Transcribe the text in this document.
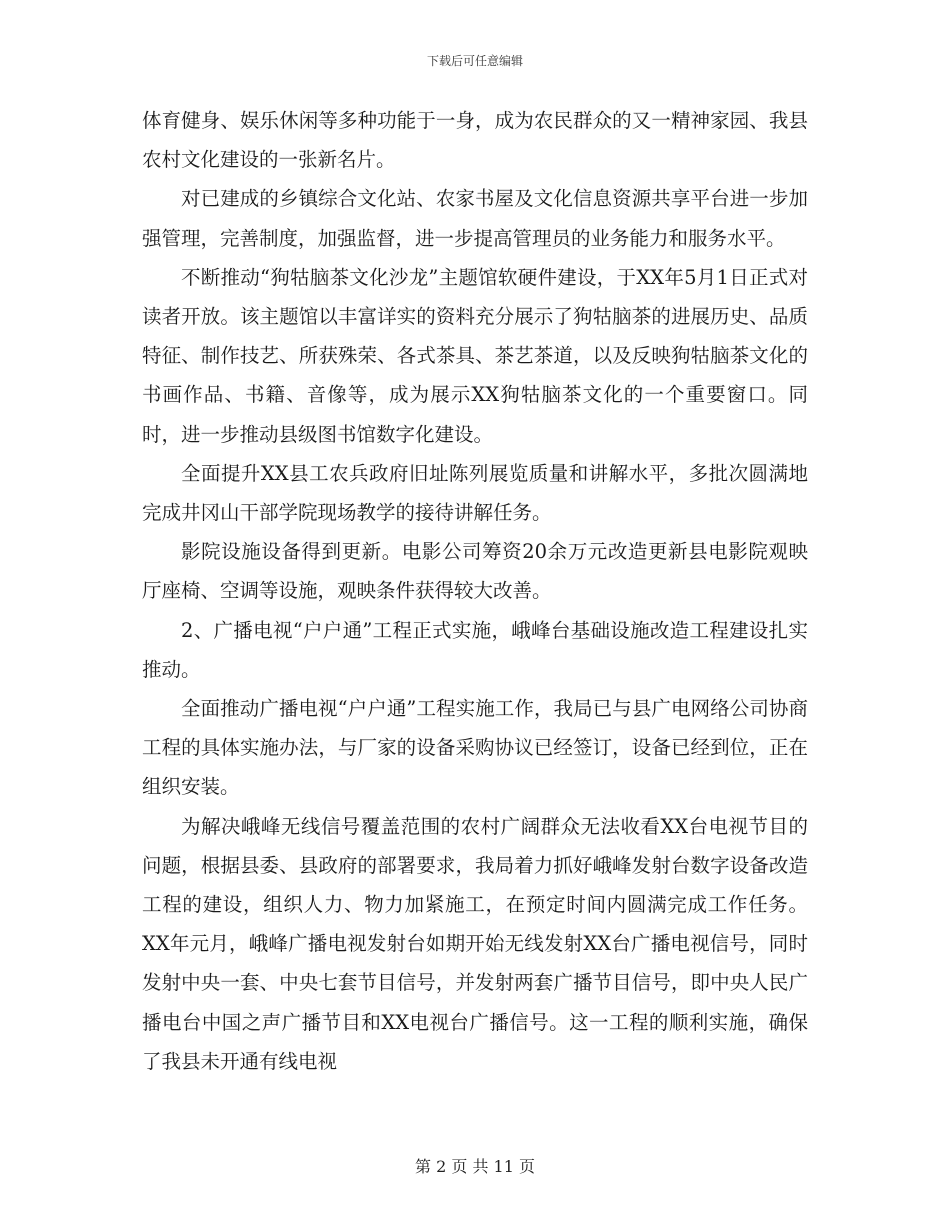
下载后可任意编辑

体育健身、娱乐休闲等多种功能于一身，成为农民群众的又一精神家园、我县农村文化建设的一张新名片。

对已建成的乡镇综合文化站、农家书屋及文化信息资源共享平台进一步加强管理，完善制度，加强监督，进一步提高管理员的业务能力和服务水平。

不断推动“狗牯脑茶文化沙龙”主题馆软硬件建设，于XX年5月1日正式对读者开放。该主题馆以丰富详实的资料充分展示了狗牯脑茶的进展历史、品质特征、制作技艺、所获殊荣、各式茶具、茶艺茶道，以及反映狗牯脑茶文化的书画作品、书籍、音像等，成为展示XX狗牯脑茶文化的一个重要窗口。同时，进一步推动县级图书馆数字化建设。

全面提升XX县工农兵政府旧址陈列展览质量和讲解水平，多批次圆满地完成井冈山干部学院现场教学的接待讲解任务。

影院设施设备得到更新。电影公司筹资20余万元改造更新县电影院观映厅座椅、空调等设施，观映条件获得较大改善。

2、广播电视“户户通”工程正式实施，峨峰台基础设施改造工程建设扎实推动。

全面推动广播电视“户户通”工程实施工作，我局已与县广电网络公司协商工程的具体实施办法，与厂家的设备采购协议已经签订，设备已经到位，正在组织安装。

为解决峨峰无线信号覆盖范围的农村广阔群众无法收看XX台电视节目的问题，根据县委、县政府的部署要求，我局着力抓好峨峰发射台数字设备改造工程的建设，组织人力、物力加紧施工，在预定时间内圆满完成工作任务。XX年元月，峨峰广播电视发射台如期开始无线发射XX台广播电视信号，同时发射中央一套、中央七套节目信号，并发射两套广播节目信号，即中央人民广播电台中国之声广播节目和XX电视台广播信号。这一工程的顺利实施，确保了我县未开通有线电视

第 2 页 共 11 页
